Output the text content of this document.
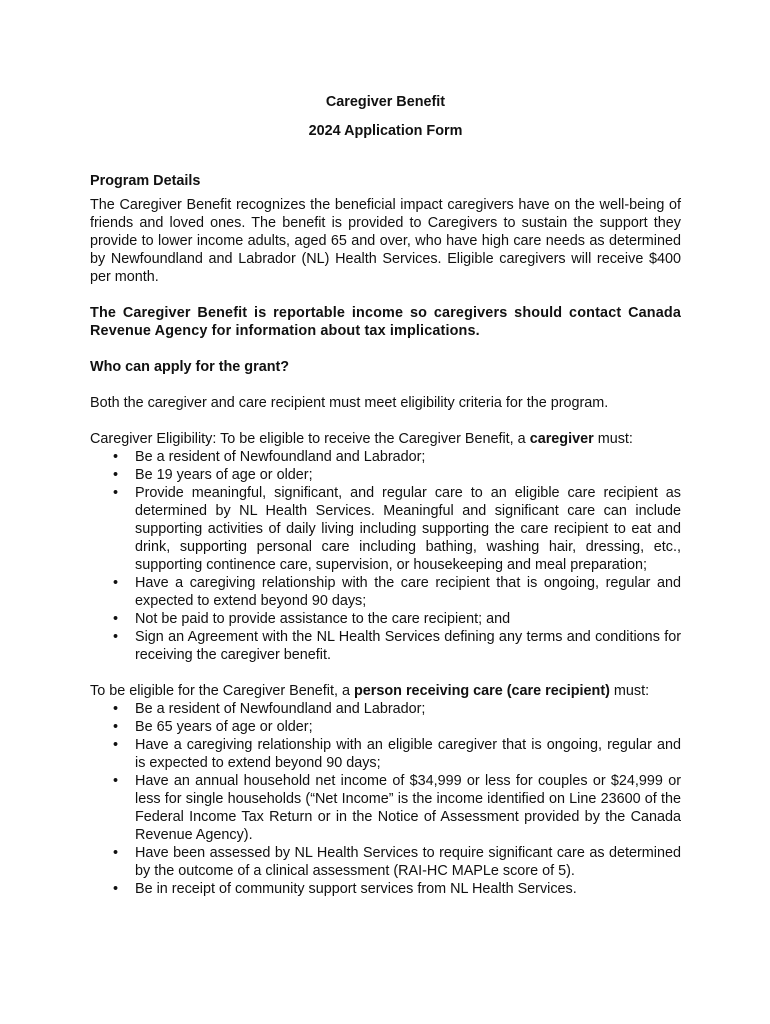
Caregiver Benefit
2024 Application Form
Program Details

The Caregiver Benefit recognizes the beneficial impact caregivers have on the well-being of friends and loved ones. The benefit is provided to Caregivers to sustain the support they provide to lower income adults, aged 65 and over, who have high care needs as determined by Newfoundland and Labrador (NL) Health Services. Eligible caregivers will receive $400 per month.

The Caregiver Benefit is reportable income so caregivers should contact Canada Revenue Agency for information about tax implications.

Who can apply for the grant?

Both the caregiver and care recipient must meet eligibility criteria for the program.

Caregiver Eligibility: To be eligible to receive the Caregiver Benefit, a caregiver must:

• Be a resident of Newfoundland and Labrador;
• Be 19 years of age or older;
• Provide meaningful, significant, and regular care to an eligible care recipient as determined by NL Health Services. Meaningful and significant care can include supporting activities of daily living including supporting the care recipient to eat and drink, supporting personal care including bathing, washing hair, dressing, etc., supporting continence care, supervision, or housekeeping and meal preparation;
• Have a caregiving relationship with the care recipient that is ongoing, regular and expected to extend beyond 90 days;
• Not be paid to provide assistance to the care recipient; and
• Sign an Agreement with the NL Health Services defining any terms and conditions for receiving the caregiver benefit.

To be eligible for the Caregiver Benefit, a person receiving care (care recipient) must:

• Be a resident of Newfoundland and Labrador;
• Be 65 years of age or older;
• Have a caregiving relationship with an eligible caregiver that is ongoing, regular and is expected to extend beyond 90 days;
• Have an annual household net income of $34,999 or less for couples or $24,999 or less for single households (“Net Income” is the income identified on Line 23600 of the Federal Income Tax Return or in the Notice of Assessment provided by the Canada Revenue Agency).
• Have been assessed by NL Health Services to require significant care as determined by the outcome of a clinical assessment (RAI-HC MAPLe score of 5).
• Be in receipt of community support services from NL Health Services.
